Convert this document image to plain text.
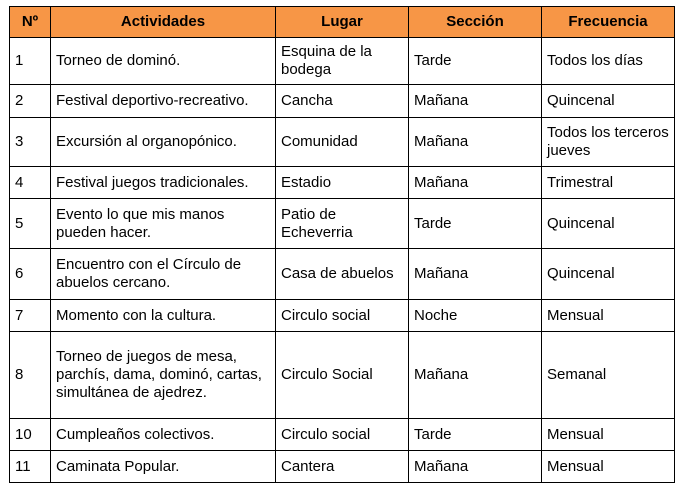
Nº	Actividades	Lugar	Sección	Frecuencia
1	Torneo de dominó.	Esquina de la bodega	Tarde	Todos los días
2	Festival deportivo-recreativo.	Cancha	Mañana	Quincenal
3	Excursión al organopónico.	Comunidad	Mañana	Todos los terceros jueves
4	Festival juegos tradicionales.	Estadio	Mañana	Trimestral
5	Evento lo que mis manos pueden hacer.	Patio de Echeverria	Tarde	Quincenal
6	Encuentro con el Círculo de abuelos cercano.	Casa de abuelos	Mañana	Quincenal
7	Momento con la cultura.	Circulo social	Noche	Mensual
8	Torneo de juegos de mesa, parchís, dama, dominó, cartas, simultánea de ajedrez.	Circulo Social	Mañana	Semanal
10	Cumpleaños colectivos.	Circulo social	Tarde	Mensual
11	Caminata Popular.	Cantera	Mañana	Mensual
